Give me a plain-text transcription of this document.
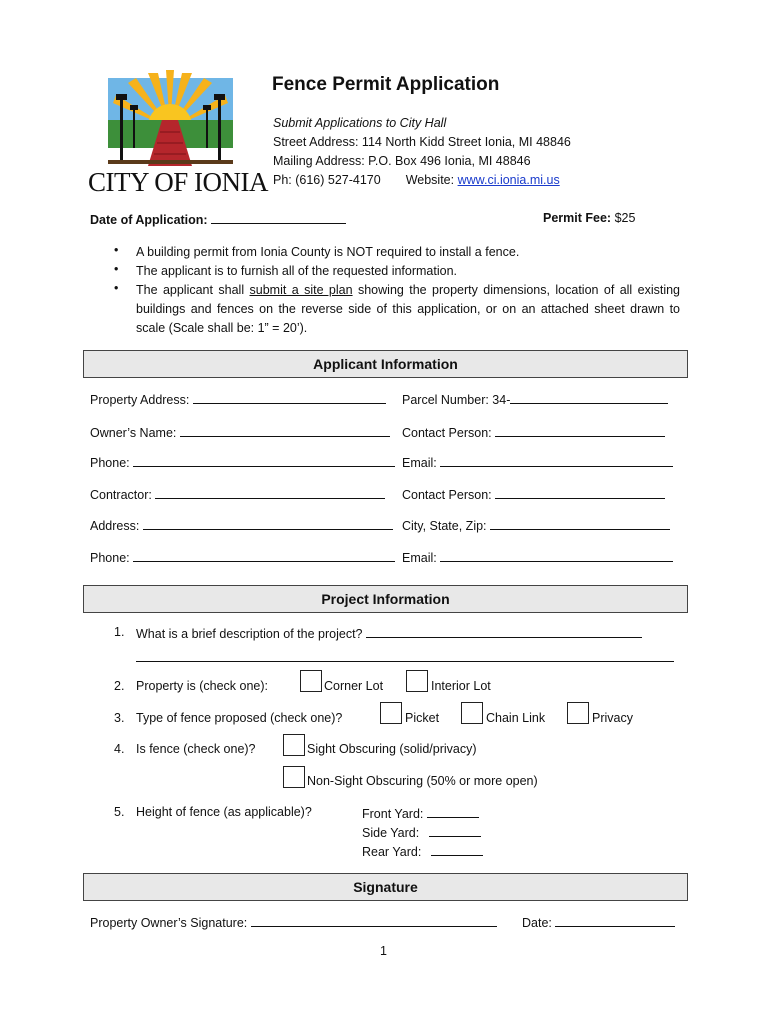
CITY OF IONIA
Fence Permit Application
Submit Applications to City Hall
Street Address: 114 North Kidd Street Ionia, MI 48846
Mailing Address: P.O. Box 496 Ionia, MI 48846
Ph: (616) 527-4170 Website: www.ci.ionia.mi.us
Date of Application:	Permit Fee: $25
• A building permit from Ionia County is NOT required to install a fence.
• The applicant is to furnish all of the requested information.
• The applicant shall submit a site plan showing the property dimensions, location of all existing buildings and fences on the reverse side of this application, or on an attached sheet drawn to scale (Scale shall be: 1” = 20’).
Applicant Information
Property Address:	Parcel Number: 34-
Owner’s Name:	Contact Person:
Phone:	Email:
Contractor:	Contact Person:
Address:	City, State, Zip:
Phone:	Email:
Project Information
1. What is a brief description of the project?
2. Property is (check one):	Corner Lot	Interior Lot
3. Type of fence proposed (check one)?	Picket	Chain Link	Privacy
4. Is fence (check one)?	Sight Obscuring (solid/privacy)
Non-Sight Obscuring (50% or more open)
5. Height of fence (as applicable)?	Front Yard:
Side Yard:
Rear Yard:
Signature
Property Owner’s Signature:	Date:
1
